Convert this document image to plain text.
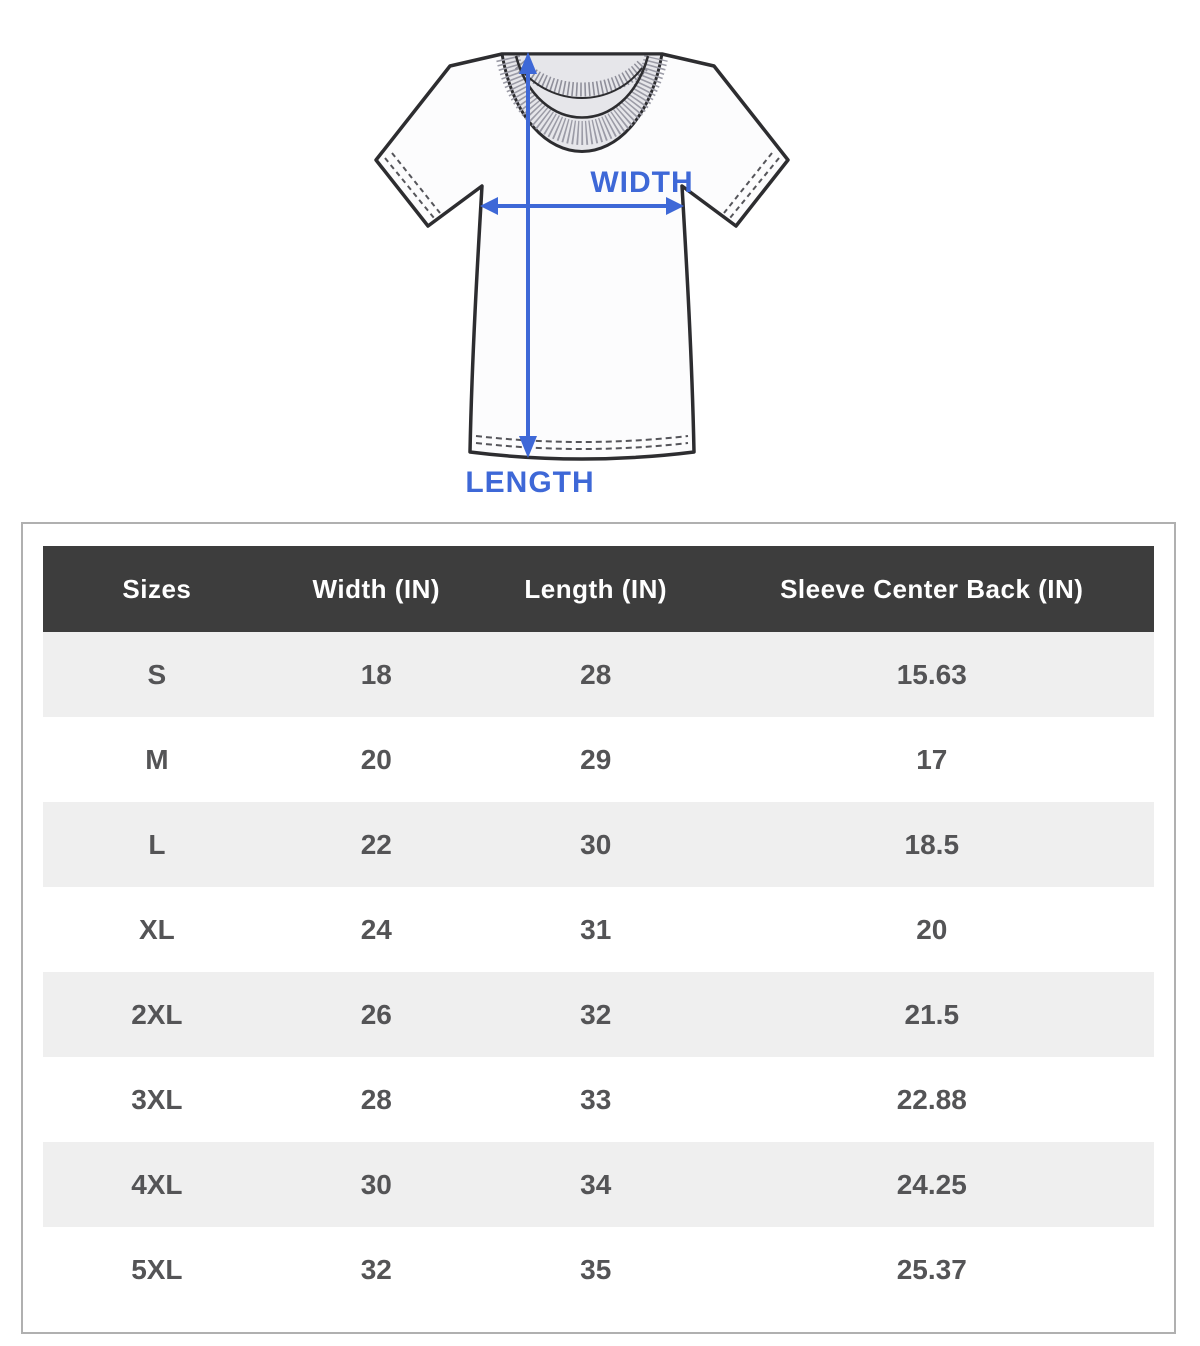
WIDTH
LENGTH
Sizes	Width (IN)	Length (IN)	Sleeve Center Back (IN)
S	18	28	15.63
M	20	29	17
L	22	30	18.5
XL	24	31	20
2XL	26	32	21.5
3XL	28	33	22.88
4XL	30	34	24.25
5XL	32	35	25.37
